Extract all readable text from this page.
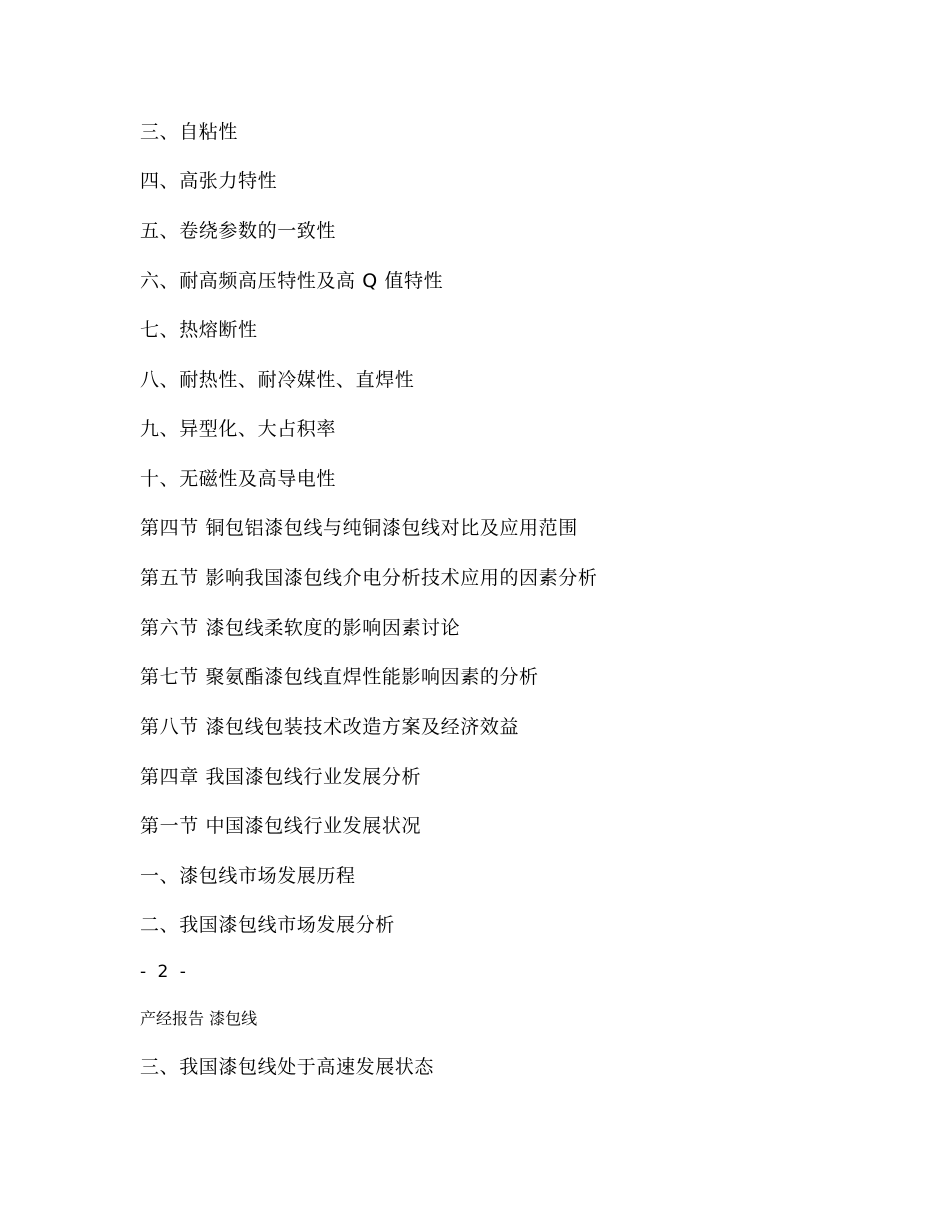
三、自粘性
四、高张力特性
五、卷绕参数的一致性
六、耐高频高压特性及高 Q 值特性
七、热熔断性
八、耐热性、耐冷媒性、直焊性
九、异型化、大占积率
十、无磁性及高导电性
第四节 铜包铝漆包线与纯铜漆包线对比及应用范围
第五节 影响我国漆包线介电分析技术应用的因素分析
第六节 漆包线柔软度的影响因素讨论
第七节 聚氨酯漆包线直焊性能影响因素的分析
第八节 漆包线包装技术改造方案及经济效益
第四章 我国漆包线行业发展分析
第一节 中国漆包线行业发展状况
一、漆包线市场发展历程
二、我国漆包线市场发展分析
- 2 -
产经报告 漆包线
三、我国漆包线处于高速发展状态
